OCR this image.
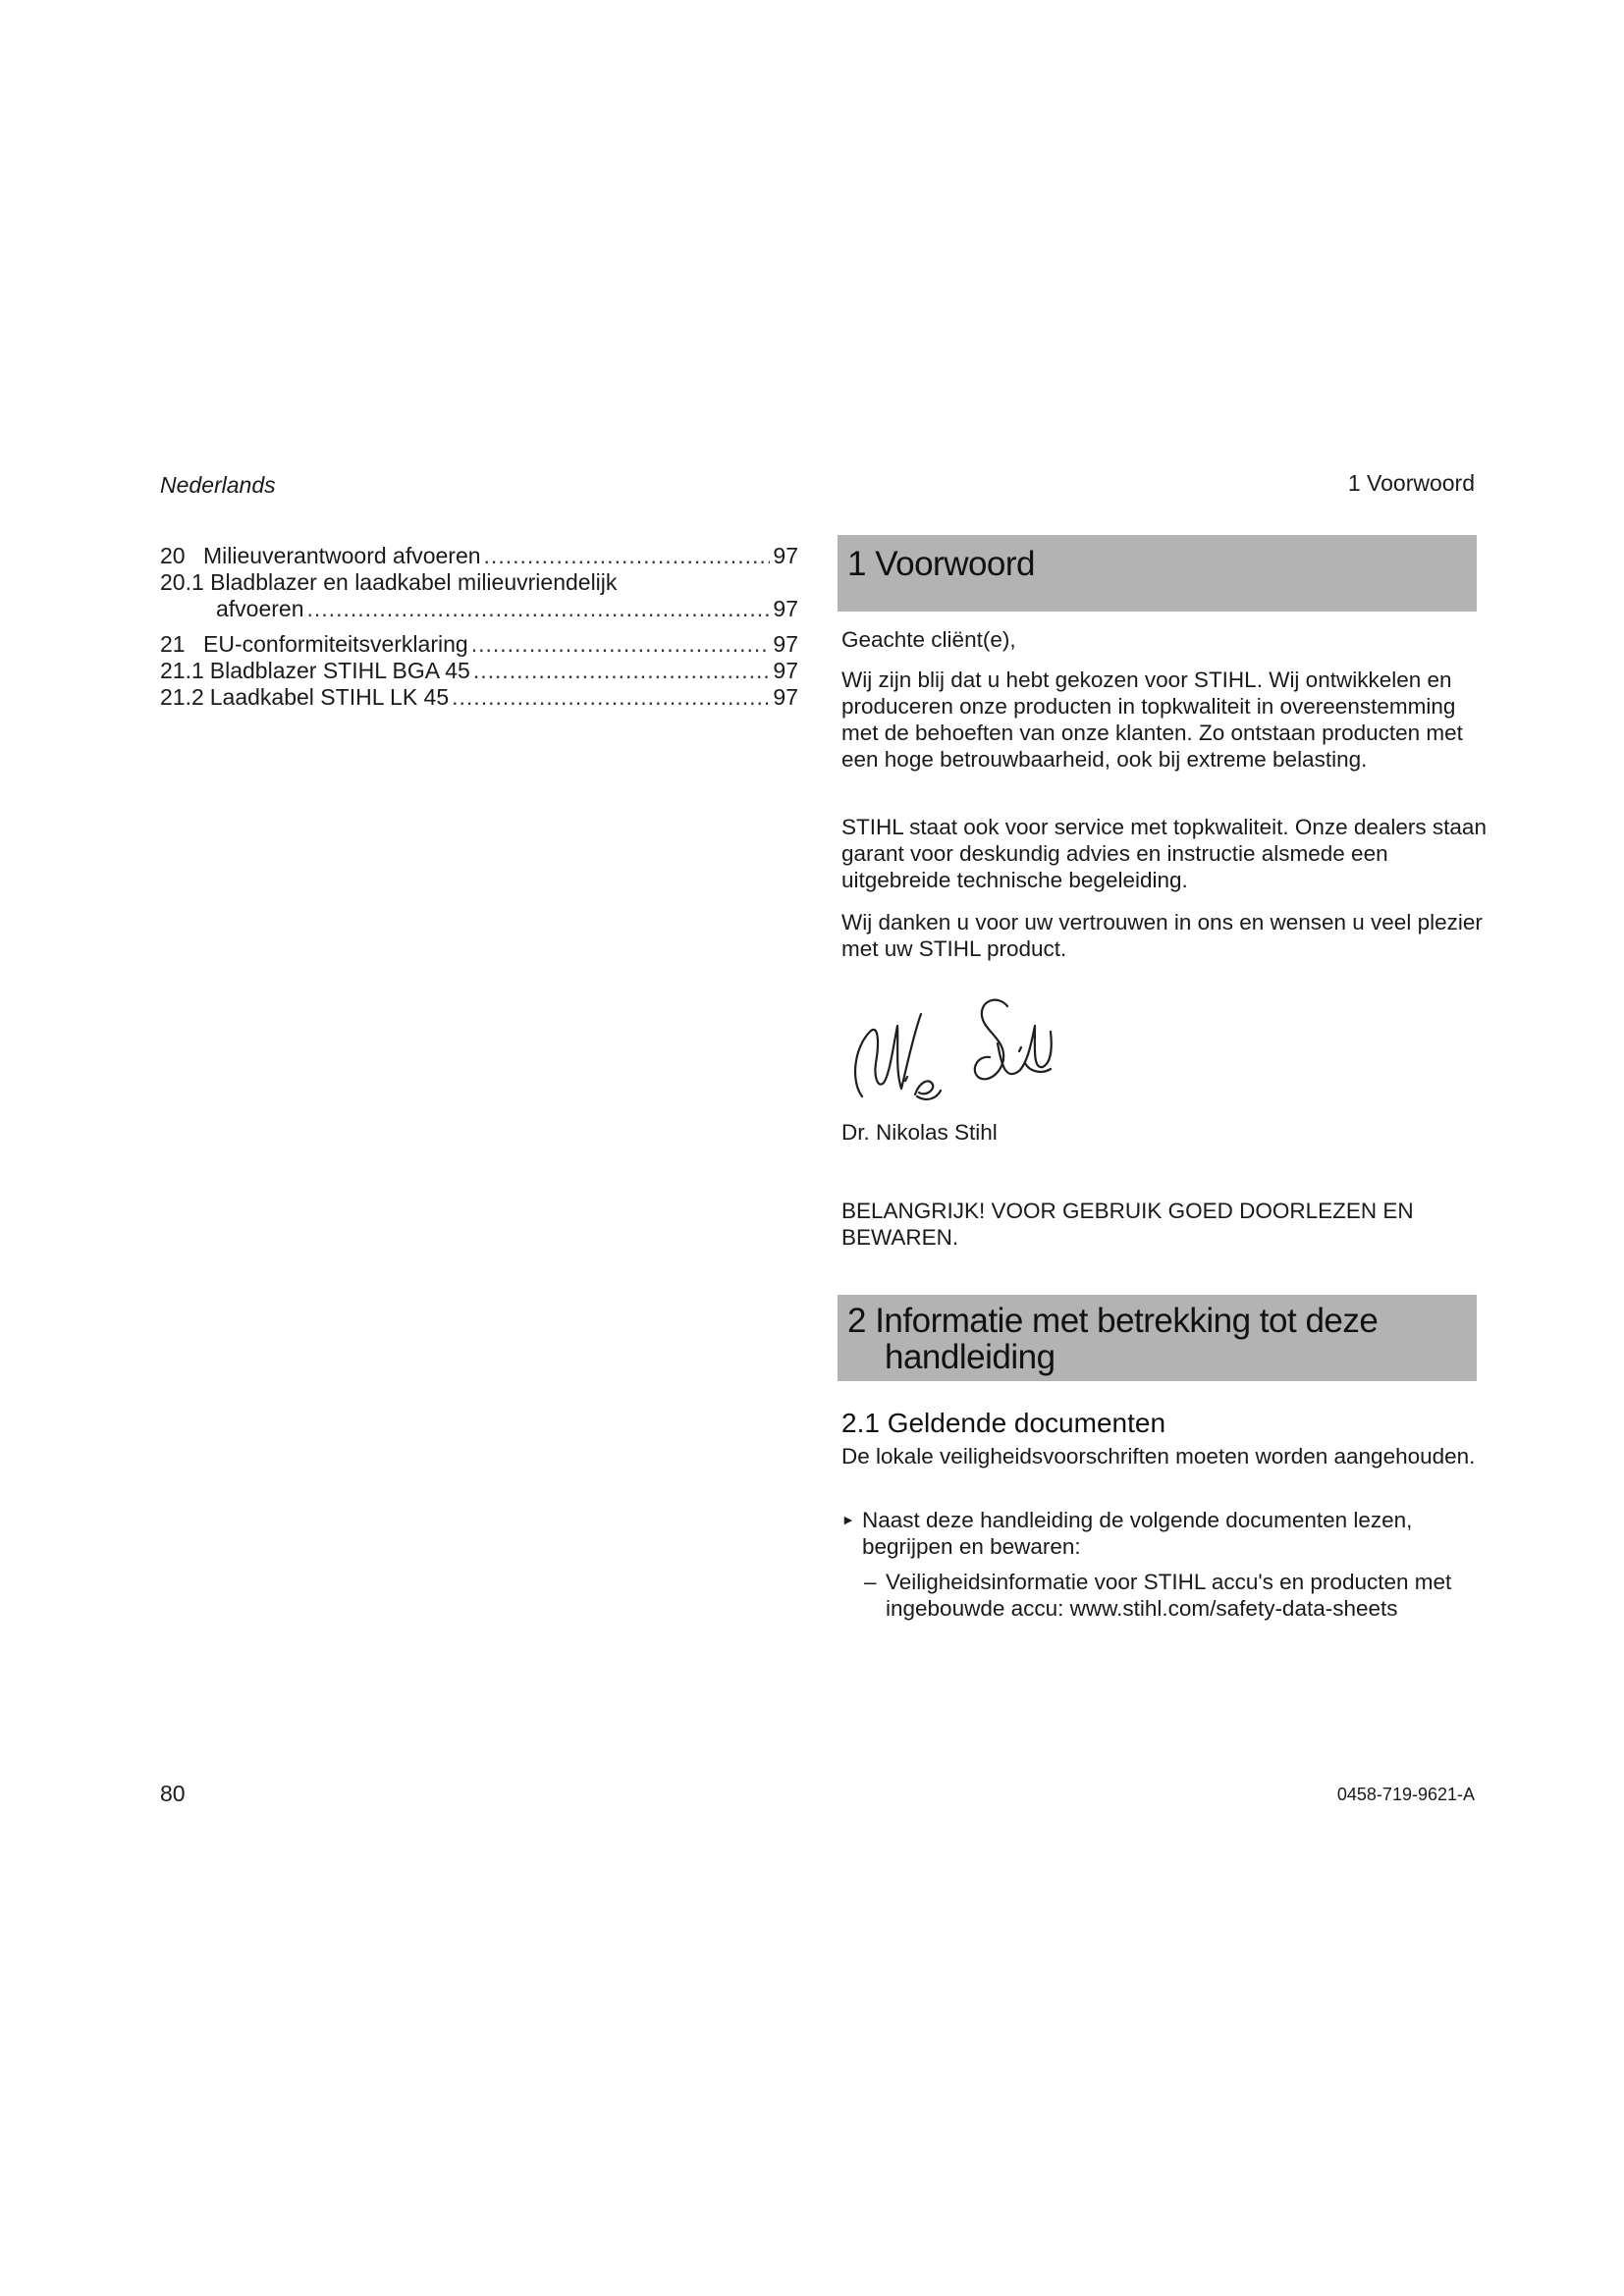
Nederlands	1 Voorwoord
20 Milieuverantwoord afvoeren .....	97
20.1 Bladblazer en laadkabel milieuvriendelijk
afvoeren .....	97
21 EU-conformiteitsverklaring .....	97
21.1 Bladblazer STIHL BGA 45 .....	97
21.2 Laadkabel STIHL LK 45 .....	97
1 Voorwoord
Geachte cliënt(e),
Wij zijn blij dat u hebt gekozen voor STIHL. Wij ontwikkelen en produceren onze producten in topkwaliteit in overeenstemming met de behoeften van onze klanten. Zo ontstaan producten met een hoge betrouwbaarheid, ook bij extreme belasting.
STIHL staat ook voor service met topkwaliteit. Onze dealers staan garant voor deskundig advies en instructie alsmede een uitgebreide technische begeleiding.
Wij danken u voor uw vertrouwen in ons en wensen u veel plezier met uw STIHL product.
Dr. Nikolas Stihl
BELANGRIJK! VOOR GEBRUIK GOED DOORLEZEN EN BEWAREN.
2 Informatie met betrekking tot deze
handleiding
2.1 Geldende documenten
De lokale veiligheidsvoorschriften moeten worden aangehouden.
► Naast deze handleiding de volgende documenten lezen, begrijpen en bewaren:
– Veiligheidsinformatie voor STIHL accu's en producten met ingebouwde accu: www.stihl.com/safety-data-sheets
80	0458-719-9621-A
